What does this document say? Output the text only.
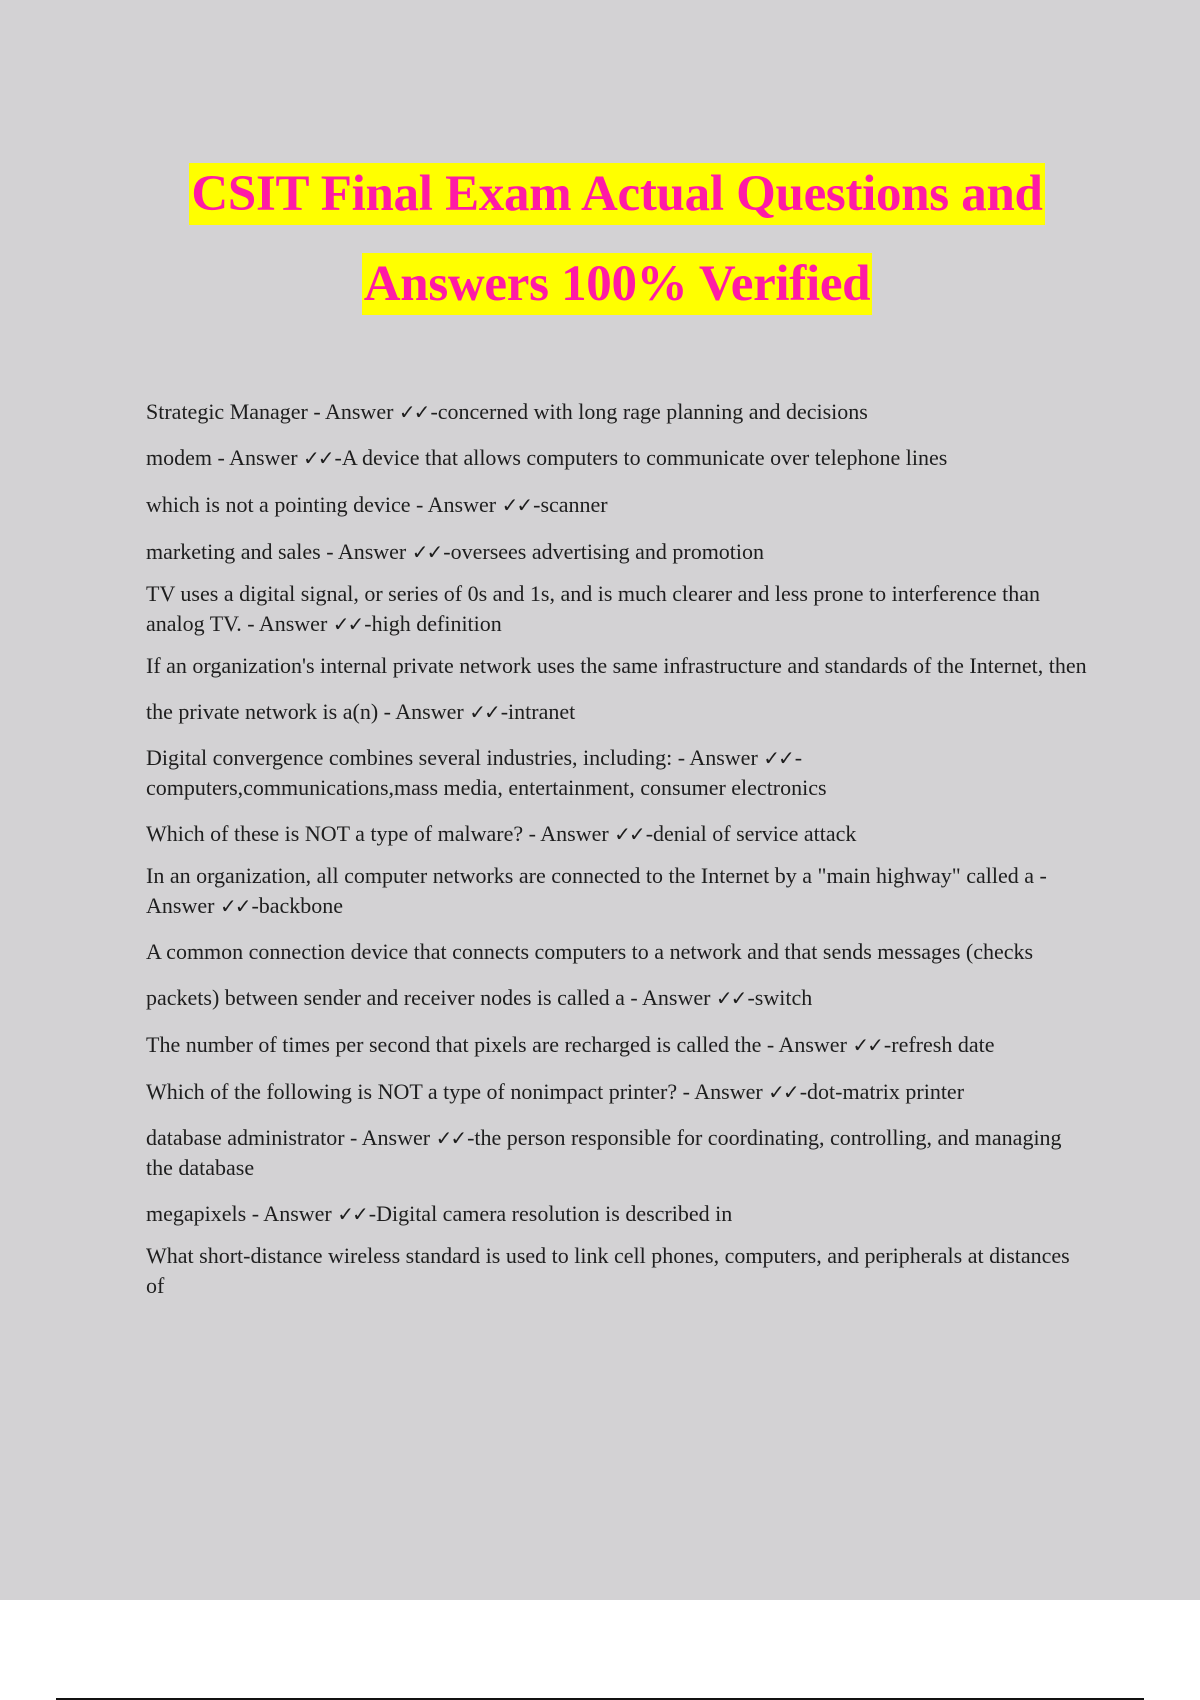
CSIT Final Exam Actual Questions and
Answers 100% Verified
Strategic Manager - Answer ✓✓-concerned with long rage planning and decisions
modem - Answer ✓✓-A device that allows computers to communicate over telephone lines
which is not a pointing device - Answer ✓✓-scanner
marketing and sales - Answer ✓✓-oversees advertising and promotion
TV uses a digital signal, or series of 0s and 1s, and is much clearer and less prone to interference than analog TV. - Answer ✓✓-high definition
If an organization's internal private network uses the same infrastructure and standards of the Internet, then
the private network is a(n) - Answer ✓✓-intranet
Digital convergence combines several industries, including: - Answer ✓✓- computers,communications,mass media, entertainment, consumer electronics
Which of these is NOT a type of malware? - Answer ✓✓-denial of service attack
In an organization, all computer networks are connected to the Internet by a "main highway" called a - Answer ✓✓-backbone
A common connection device that connects computers to a network and that sends messages (checks
packets) between sender and receiver nodes is called a - Answer ✓✓-switch
The number of times per second that pixels are recharged is called the - Answer ✓✓-refresh date
Which of the following is NOT a type of nonimpact printer? - Answer ✓✓-dot-matrix printer
database administrator - Answer ✓✓-the person responsible for coordinating, controlling, and managing the database
megapixels - Answer ✓✓-Digital camera resolution is described in
What short-distance wireless standard is used to link cell phones, computers, and peripherals at distances of
